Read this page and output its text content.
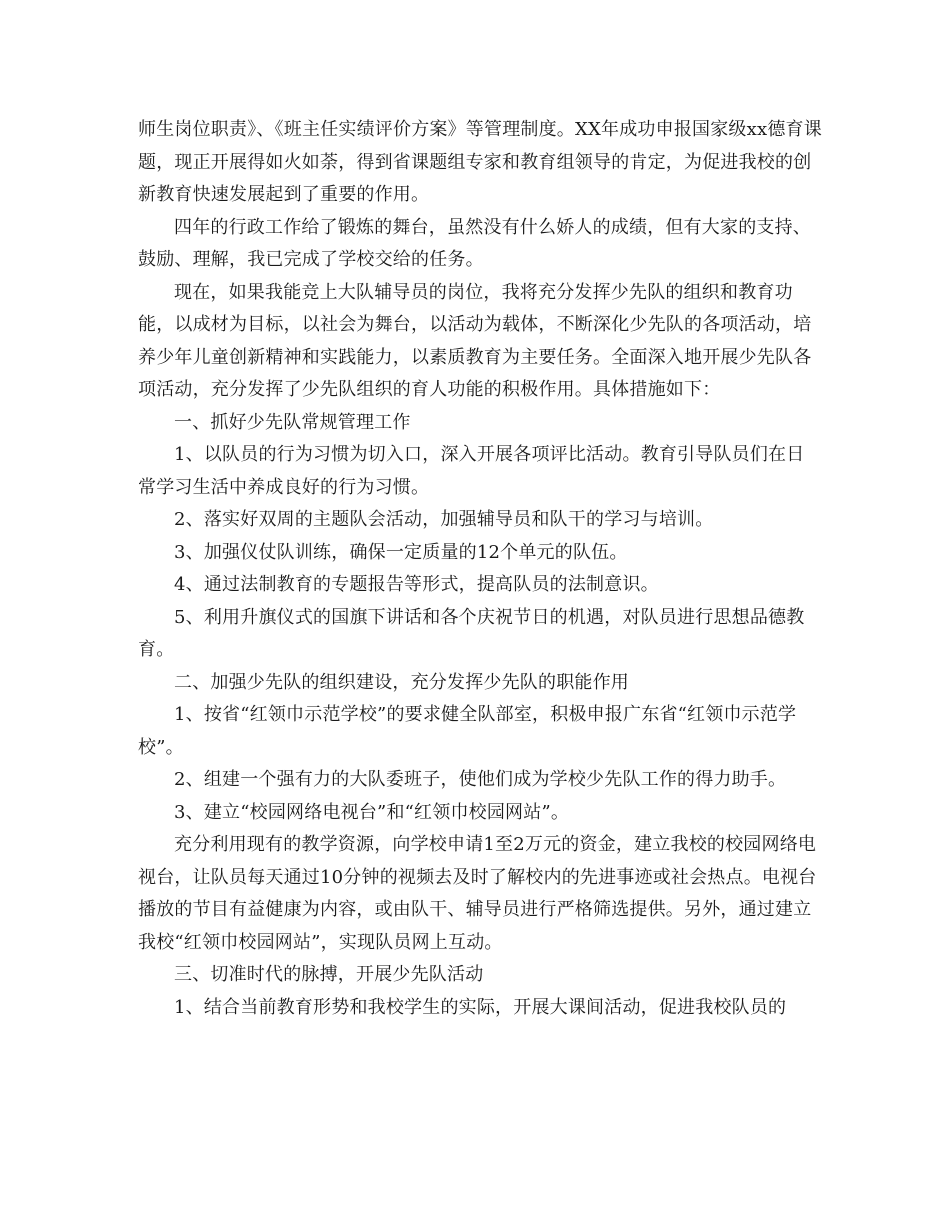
师生岗位职责》、《班主任实绩评价方案》等管理制度。XX年成功申报国家级xx德育课题，现正开展得如火如荼，得到省课题组专家和教育组领导的肯定，为促进我校的创新教育快速发展起到了重要的作用。

四年的行政工作给了锻炼的舞台，虽然没有什么娇人的成绩，但有大家的支持、鼓励、理解，我已完成了学校交给的任务。

现在，如果我能竞上大队辅导员的岗位，我将充分发挥少先队的组织和教育功能，以成材为目标，以社会为舞台，以活动为载体，不断深化少先队的各项活动，培养少年儿童创新精神和实践能力，以素质教育为主要任务。全面深入地开展少先队各项活动，充分发挥了少先队组织的育人功能的积极作用。具体措施如下：

一、抓好少先队常规管理工作

1、以队员的行为习惯为切入口，深入开展各项评比活动。教育引导队员们在日常学习生活中养成良好的行为习惯。

2、落实好双周的主题队会活动，加强辅导员和队干的学习与培训。

3、加强仪仗队训练，确保一定质量的12个单元的队伍。

4、通过法制教育的专题报告等形式，提高队员的法制意识。

5、利用升旗仪式的国旗下讲话和各个庆祝节日的机遇，对队员进行思想品德教育。

二、加强少先队的组织建设，充分发挥少先队的职能作用

1、按省“红领巾示范学校”的要求健全队部室，积极申报广东省“红领巾示范学校”。

2、组建一个强有力的大队委班子，使他们成为学校少先队工作的得力助手。

3、建立“校园网络电视台”和“红领巾校园网站”。

充分利用现有的教学资源，向学校申请1至2万元的资金，建立我校的校园网络电视台，让队员每天通过10分钟的视频去及时了解校内的先进事迹或社会热点。电视台播放的节目有益健康为内容，或由队干、辅导员进行严格筛选提供。另外，通过建立我校“红领巾校园网站”，实现队员网上互动。

三、切准时代的脉搏，开展少先队活动

1、结合当前教育形势和我校学生的实际，开展大课间活动，促进我校队员的
